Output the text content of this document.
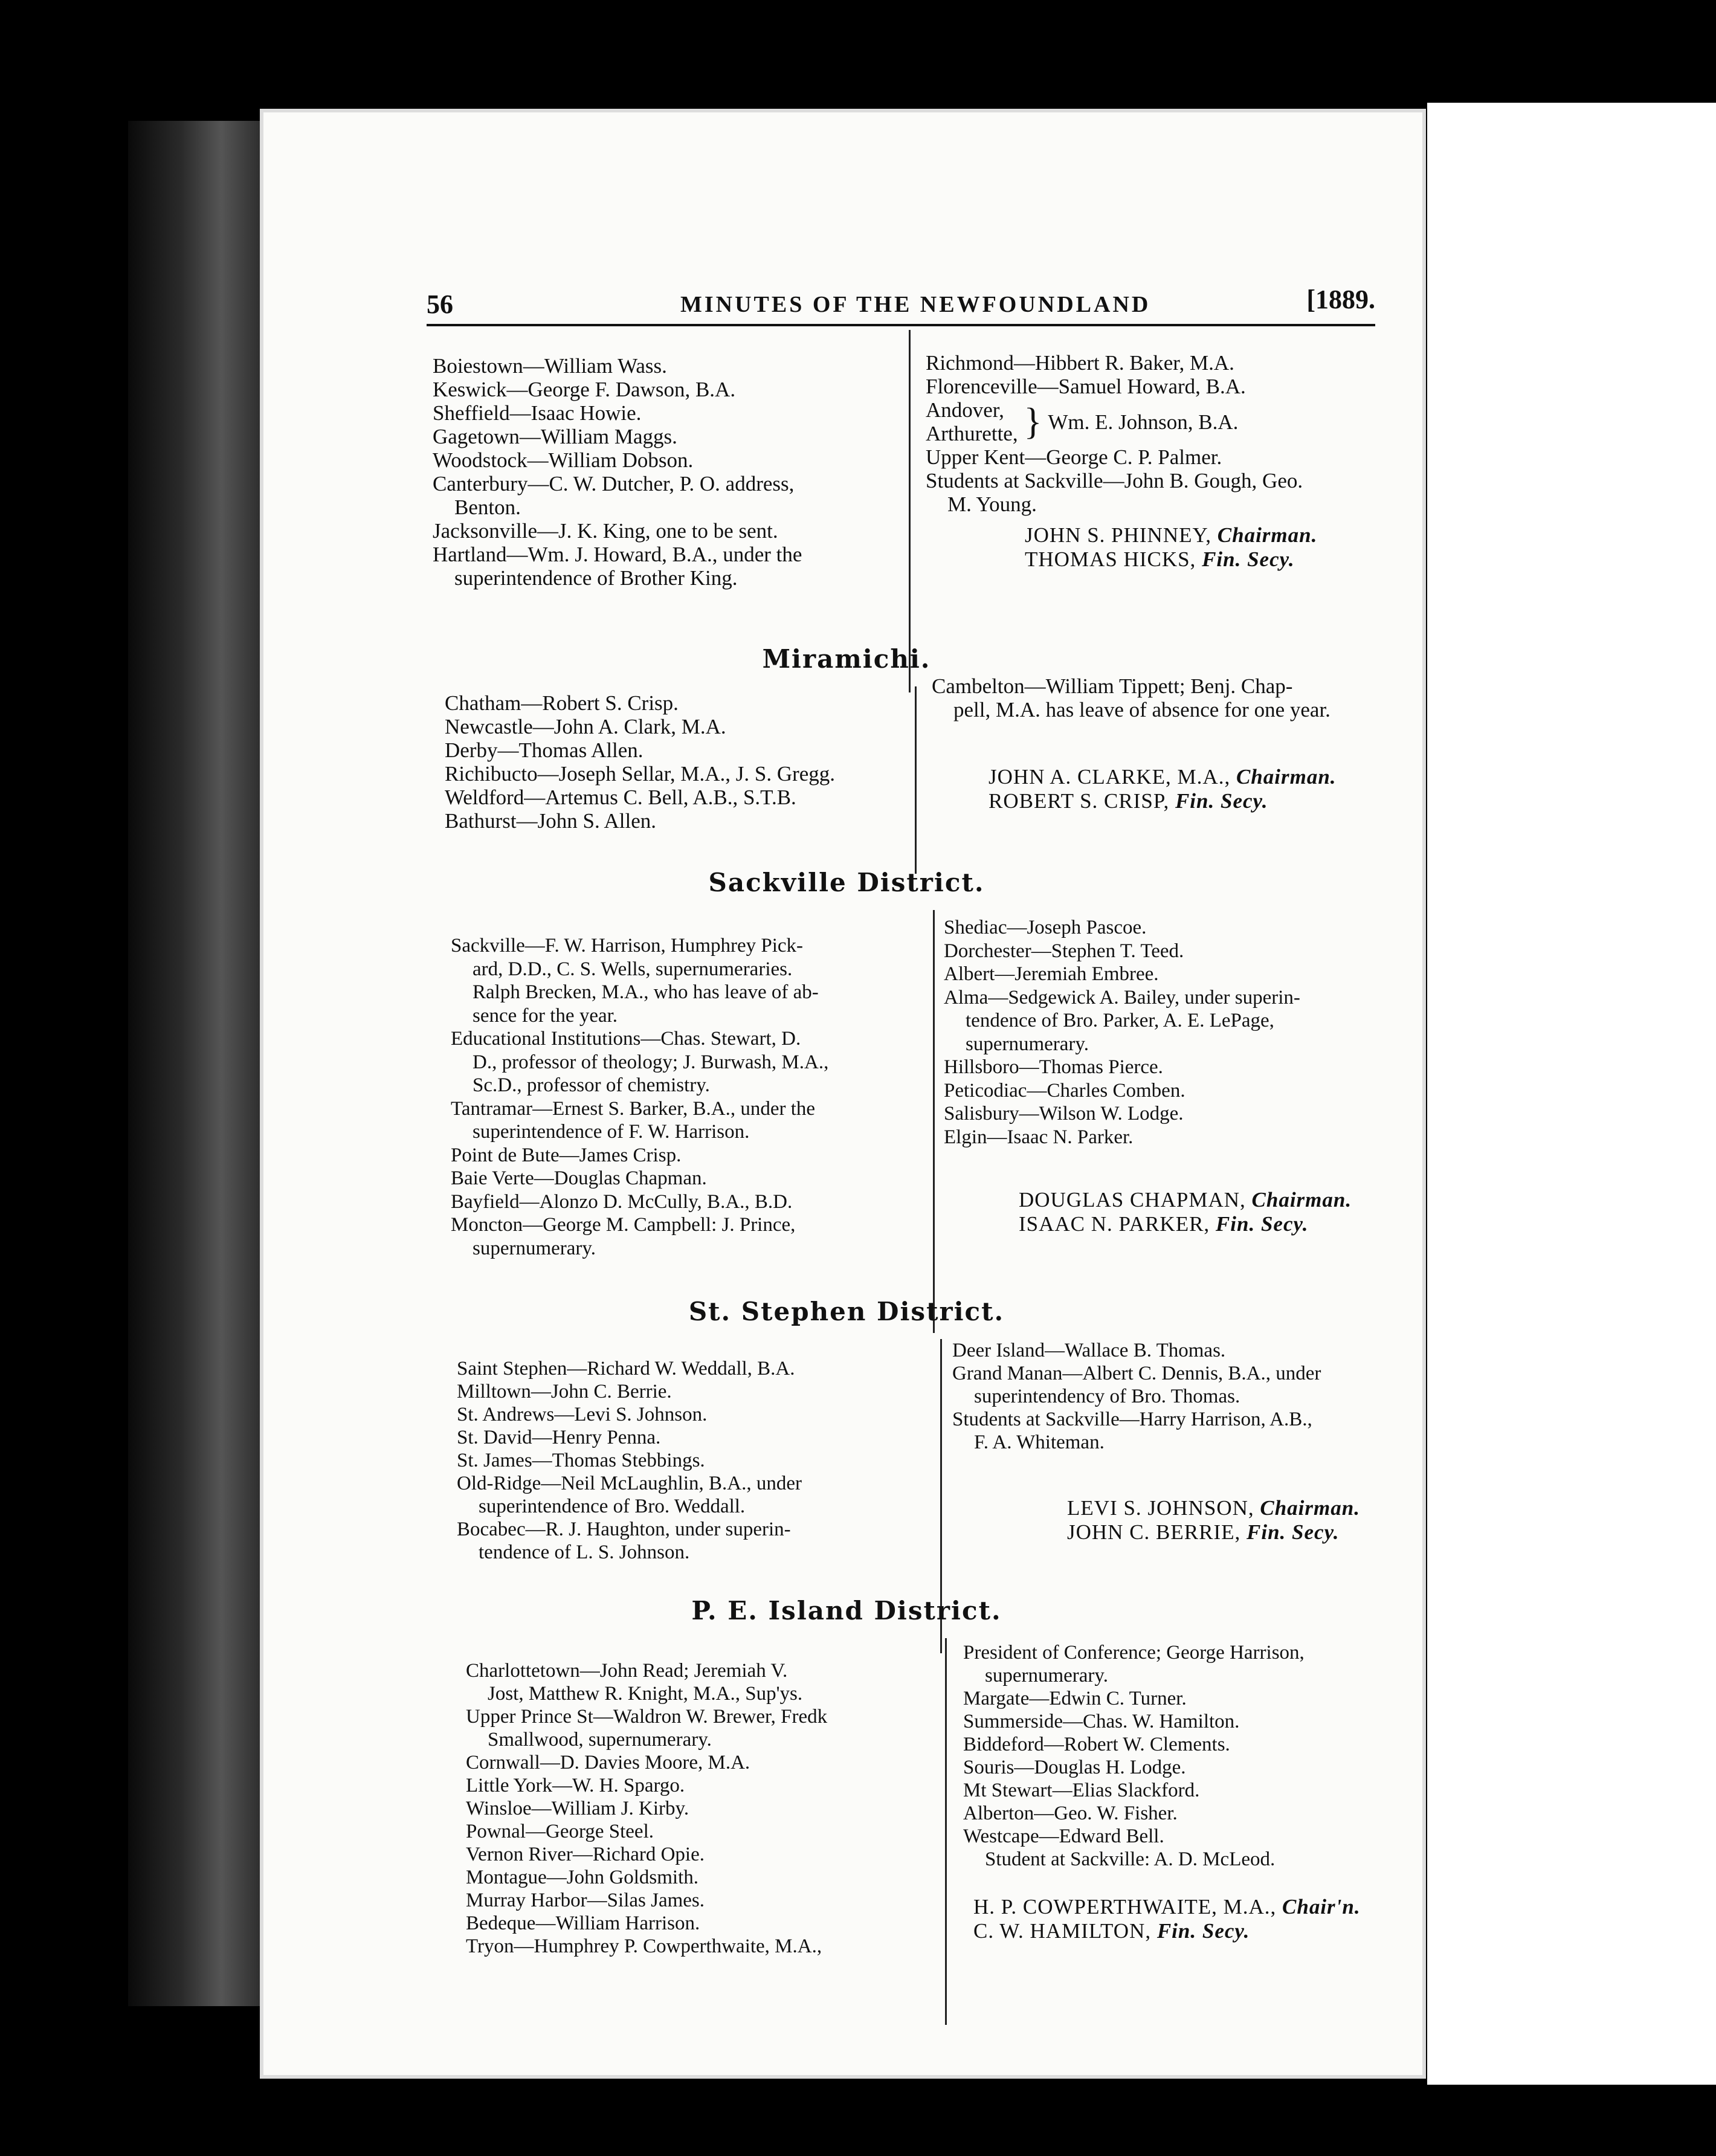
56	MINUTES OF THE NEWFOUNDLAND	[1889.
Boiestown—William Wass.
Keswick—George F. Dawson, B.A.
Sheffield—Isaac Howie.
Gagetown—William Maggs.
Woodstock—William Dobson.
Canterbury—C. W. Dutcher, P. O. address,
Benton.
Jacksonville—J. K. King, one to be sent.
Hartland—Wm. J. Howard, B.A., under the
superintendence of Brother King.
Richmond—Hibbert R. Baker, M.A.
Florenceville—Samuel Howard, B.A.
Andover,
Arthurette, } Wm. E. Johnson, B.A.
Upper Kent—George C. P. Palmer.
Students at Sackville—John B. Gough, Geo.
M. Young.
JOHN S. PHINNEY, Chairman.
THOMAS HICKS, Fin. Secy.
Miramichi.
Chatham—Robert S. Crisp.
Newcastle—John A. Clark, M.A.
Derby—Thomas Allen.
Richibucto—Joseph Sellar, M.A., J. S. Gregg.
Weldford—Artemus C. Bell, A.B., S.T.B.
Bathurst—John S. Allen.
Cambelton—William Tippett; Benj. Chap-
pell, M.A. has leave of absence for one year.
JOHN A. CLARKE, M.A., Chairman.
ROBERT S. CRISP, Fin. Secy.
Sackville District.
Sackville—F. W. Harrison, Humphrey Pick-
ard, D.D., C. S. Wells, supernumeraries.
Ralph Brecken, M.A., who has leave of ab-
sence for the year.
Educational Institutions—Chas. Stewart, D.
D., professor of theology; J. Burwash, M.A.,
Sc.D., professor of chemistry.
Tantramar—Ernest S. Barker, B.A., under the
superintendence of F. W. Harrison.
Point de Bute—James Crisp.
Baie Verte—Douglas Chapman.
Bayfield—Alonzo D. McCully, B.A., B.D.
Moncton—George M. Campbell: J. Prince,
supernumerary.
Shediac—Joseph Pascoe.
Dorchester—Stephen T. Teed.
Albert—Jeremiah Embree.
Alma—Sedgewick A. Bailey, under superin-
tendence of Bro. Parker, A. E. LePage,
supernumerary.
Hillsboro—Thomas Pierce.
Peticodiac—Charles Comben.
Salisbury—Wilson W. Lodge.
Elgin—Isaac N. Parker.
DOUGLAS CHAPMAN, Chairman.
ISAAC N. PARKER, Fin. Secy.
St. Stephen District.
Saint Stephen—Richard W. Weddall, B.A.
Milltown—John C. Berrie.
St. Andrews—Levi S. Johnson.
St. David—Henry Penna.
St. James—Thomas Stebbings.
Old-Ridge—Neil McLaughlin, B.A., under
superintendence of Bro. Weddall.
Bocabec—R. J. Haughton, under superin-
tendence of L. S. Johnson.
Deer Island—Wallace B. Thomas.
Grand Manan—Albert C. Dennis, B.A., under
superintendency of Bro. Thomas.
Students at Sackville—Harry Harrison, A.B.,
F. A. Whiteman.
LEVI S. JOHNSON, Chairman.
JOHN C. BERRIE, Fin. Secy.
P. E. Island District.
Charlottetown—John Read; Jeremiah V.
Jost, Matthew R. Knight, M.A., Sup'ys.
Upper Prince St—Waldron W. Brewer, Fredk
Smallwood, supernumerary.
Cornwall—D. Davies Moore, M.A.
Little York—W. H. Spargo.
Winsloe—William J. Kirby.
Pownal—George Steel.
Vernon River—Richard Opie.
Montague—John Goldsmith.
Murray Harbor—Silas James.
Bedeque—William Harrison.
Tryon—Humphrey P. Cowperthwaite, M.A.,
President of Conference; George Harrison,
supernumerary.
Margate—Edwin C. Turner.
Summerside—Chas. W. Hamilton.
Biddeford—Robert W. Clements.
Souris—Douglas H. Lodge.
Mt Stewart—Elias Slackford.
Alberton—Geo. W. Fisher.
Westcape—Edward Bell.
Student at Sackville: A. D. McLeod.
H. P. COWPERTHWAITE, M.A., Chair'n.
C. W. HAMILTON, Fin. Secy.
